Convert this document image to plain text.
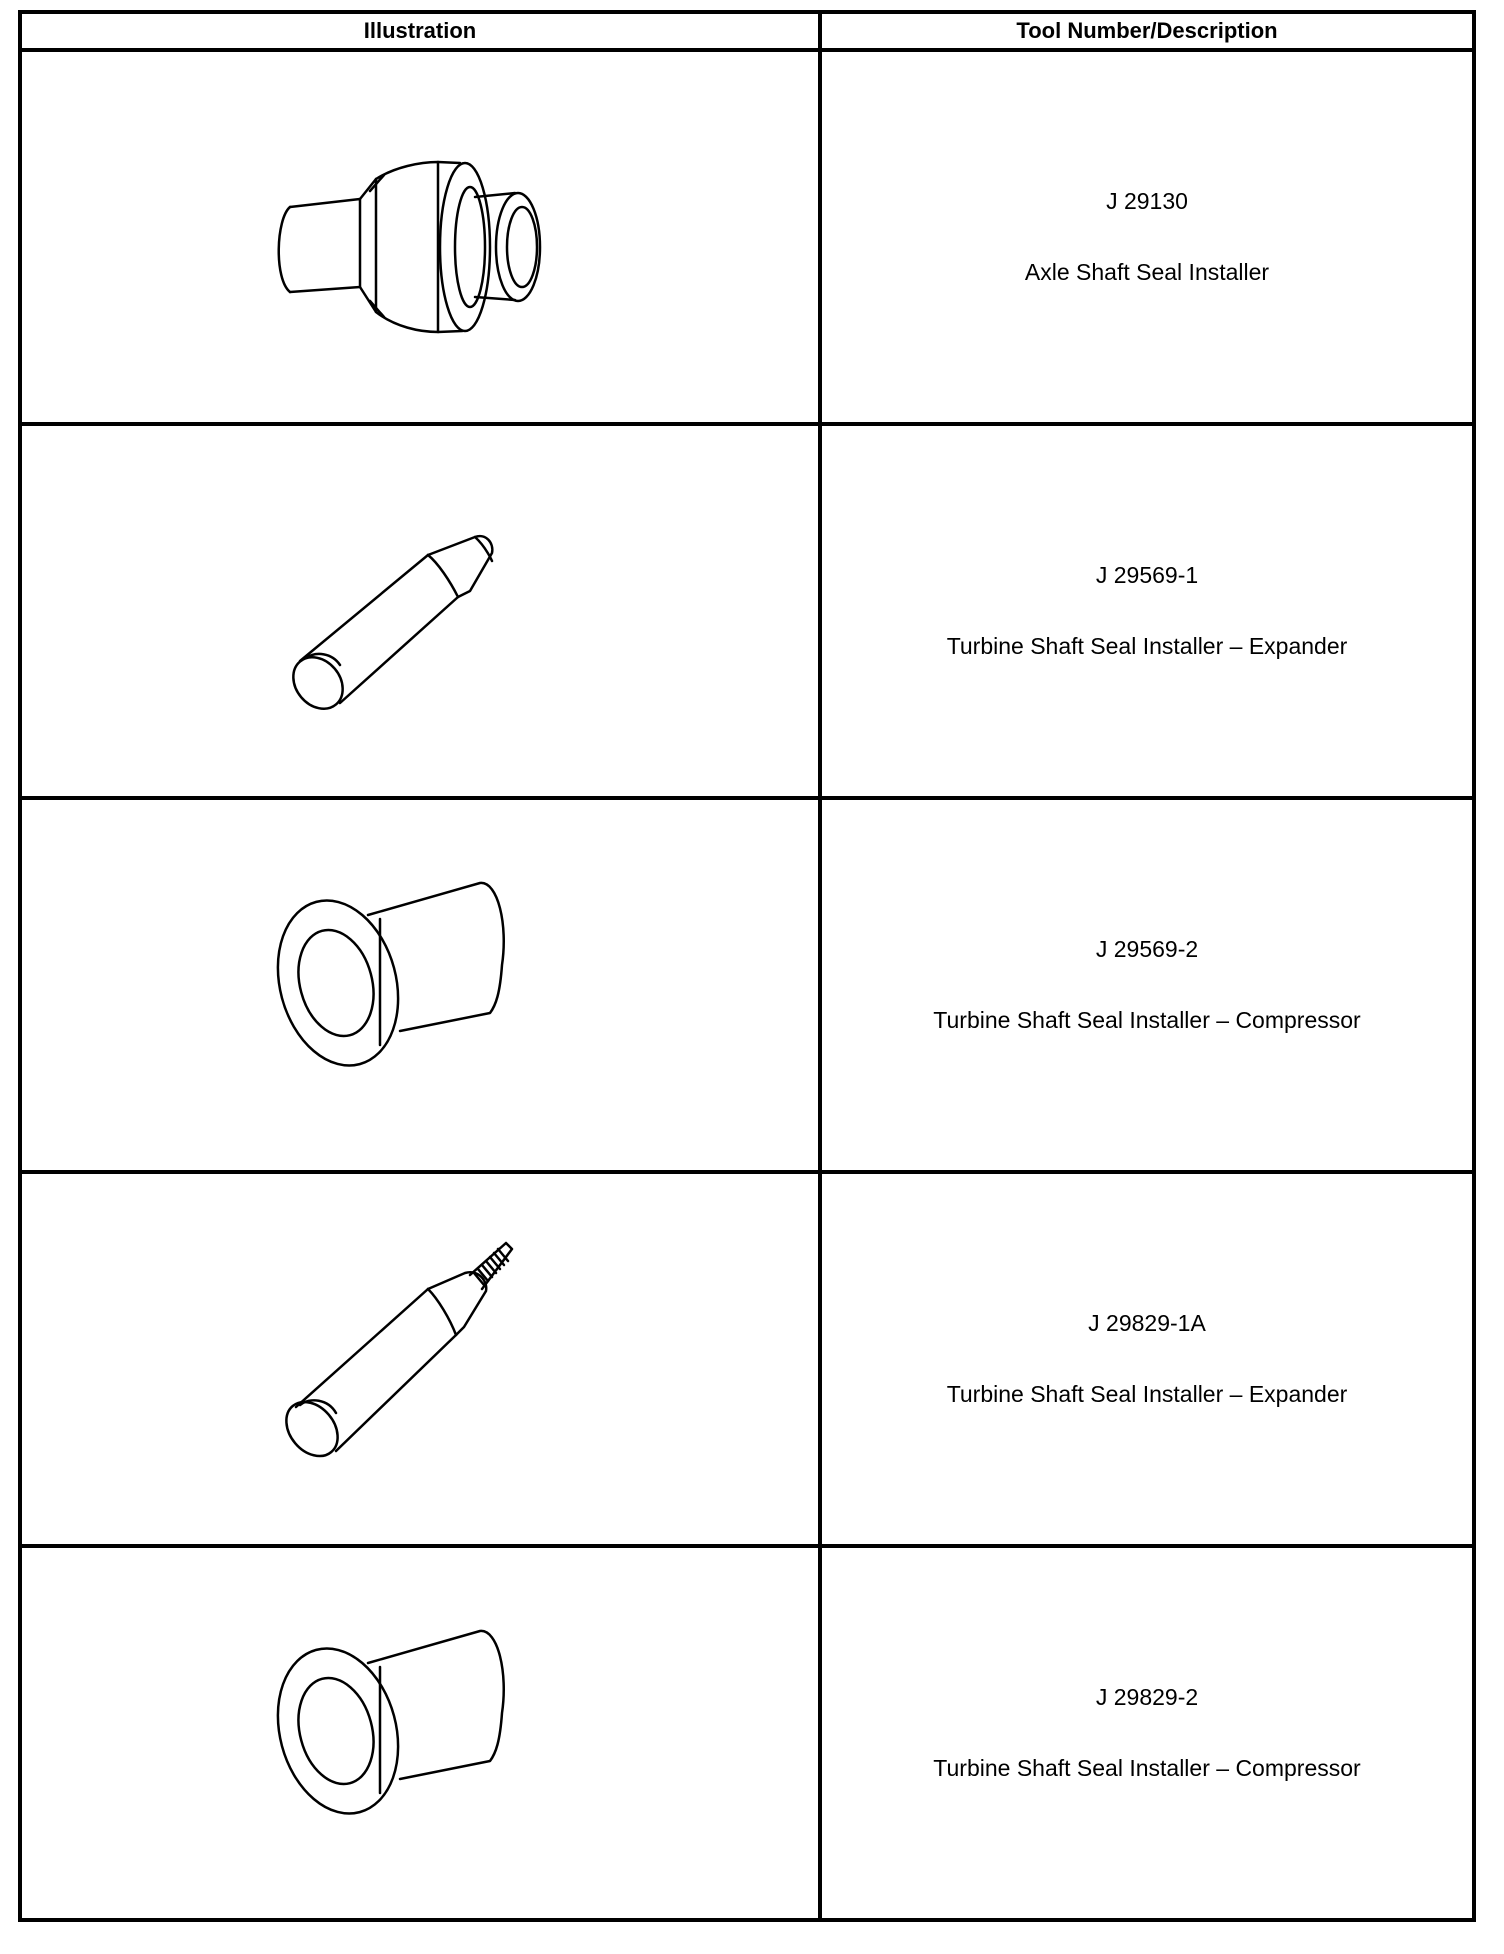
Illustration	Tool Number/Description

J 29130
Axle Shaft Seal Installer

J 29569-1
Turbine Shaft Seal Installer – Expander

J 29569-2
Turbine Shaft Seal Installer – Compressor

J 29829-1A
Turbine Shaft Seal Installer – Expander

J 29829-2
Turbine Shaft Seal Installer – Compressor
